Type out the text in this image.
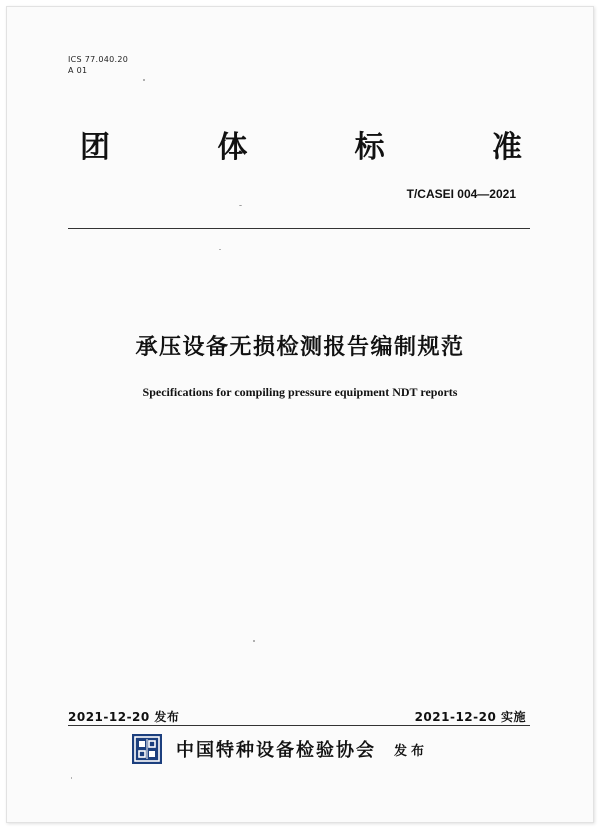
ICS 77.040.20
A 01
团	体	标	准
T/CASEI 004—2021
承压设备无损检测报告编制规范
Specifications for compiling pressure equipment NDT reports
2021-12-20 发布	2021-12-20 实施
中国特种设备检验协会 发布
